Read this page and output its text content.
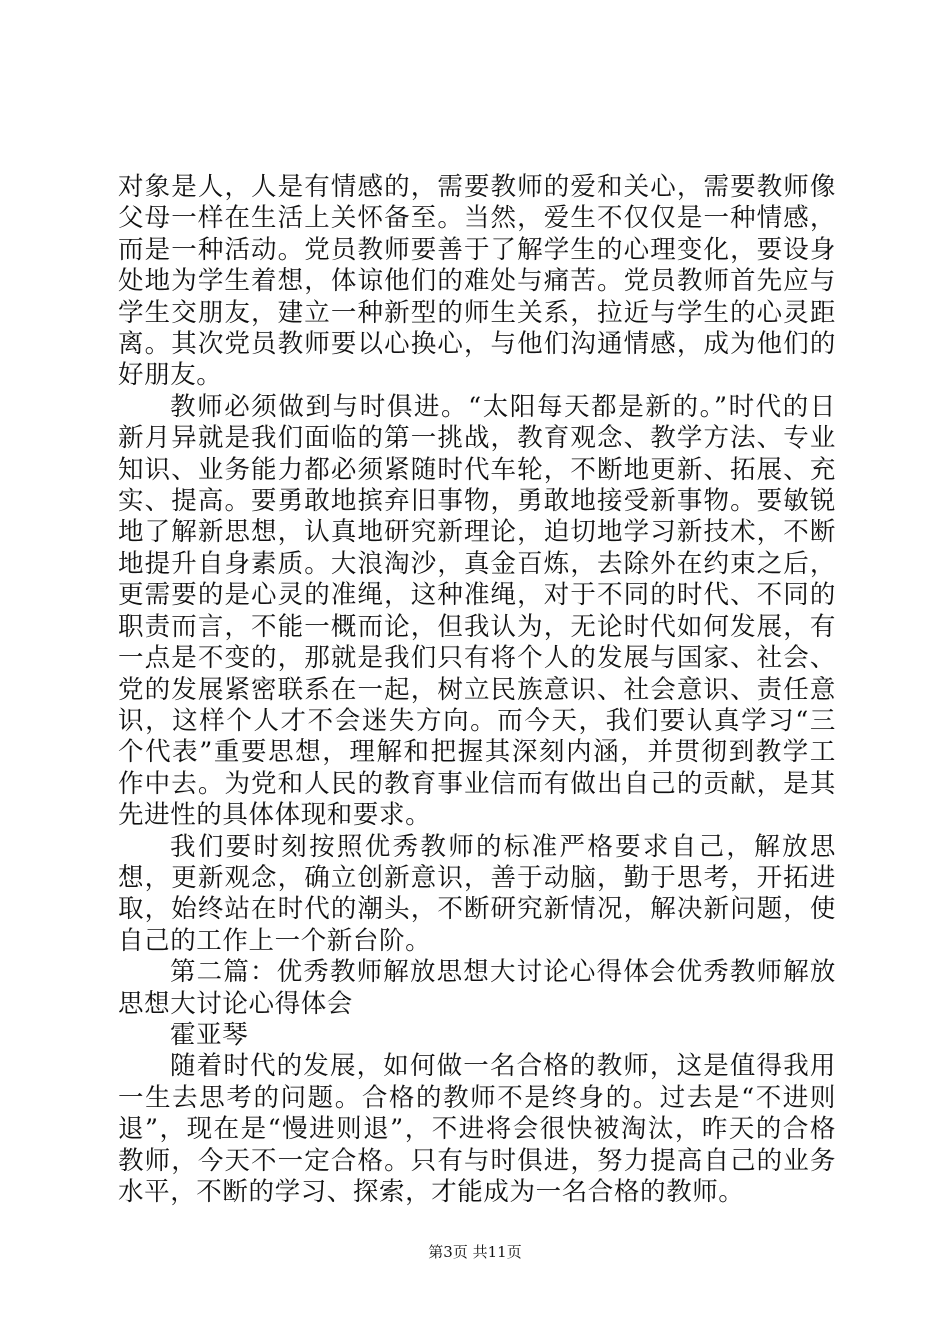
对象是人，人是有情感的，需要教师的爱和关心，需要教师像父母一样在生活上关怀备至。当然，爱生不仅仅是一种情感，而是一种活动。党员教师要善于了解学生的心理变化，要设身处地为学生着想，体谅他们的难处与痛苦。党员教师首先应与学生交朋友，建立一种新型的师生关系，拉近与学生的心灵距离。其次党员教师要以心换心，与他们沟通情感，成为他们的好朋友。

教师必须做到与时俱进。“太阳每天都是新的。”时代的日新月异就是我们面临的第一挑战，教育观念、教学方法、专业知识、业务能力都必须紧随时代车轮，不断地更新、拓展、充实、提高。要勇敢地摈弃旧事物，勇敢地接受新事物。要敏锐地了解新思想，认真地研究新理论，迫切地学习新技术，不断地提升自身素质。大浪淘沙，真金百炼，去除外在约束之后，更需要的是心灵的准绳，这种准绳，对于不同的时代、不同的职责而言，不能一概而论，但我认为，无论时代如何发展，有一点是不变的，那就是我们只有将个人的发展与国家、社会、党的发展紧密联系在一起，树立民族意识、社会意识、责任意识，这样个人才不会迷失方向。而今天，我们要认真学习“三个代表”重要思想，理解和把握其深刻内涵，并贯彻到教学工作中去。为党和人民的教育事业信而有做出自己的贡献，是其先进性的具体体现和要求。

我们要时刻按照优秀教师的标准严格要求自己，解放思想，更新观念，确立创新意识，善于动脑，勤于思考，开拓进取，始终站在时代的潮头，不断研究新情况，解决新问题，使自己的工作上一个新台阶。

第二篇：优秀教师解放思想大讨论心得体会优秀教师解放思想大讨论心得体会

霍亚琴

随着时代的发展，如何做一名合格的教师，这是值得我用一生去思考的问题。合格的教师不是终身的。过去是“不进则退”，现在是“慢进则退”，不进将会很快被淘汰，昨天的合格教师，今天不一定合格。只有与时俱进，努力提高自己的业务水平，不断的学习、探索，才能成为一名合格的教师。

第3页 共11页
